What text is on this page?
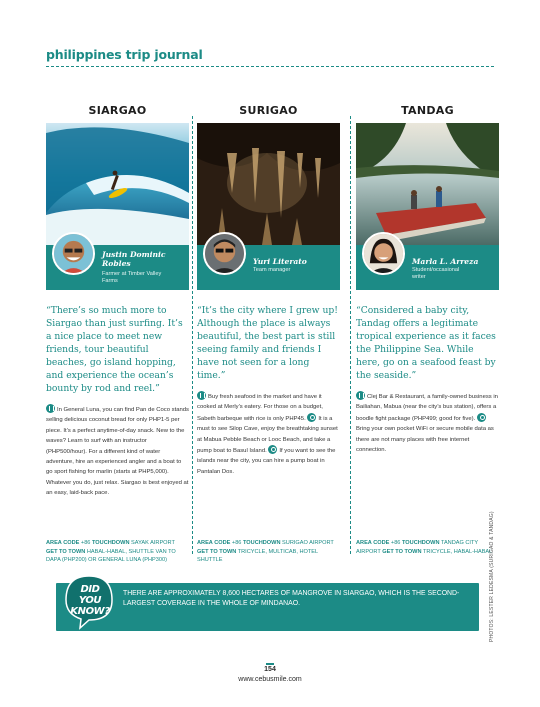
philippines trip journal
SIARGAO
Justin Dominic Robles
Farmer at Timber Valley Farms
“There’s so much more to Siargao than just surfing. It’s a nice place to meet new friends, tour beautiful beaches, go island hopping, and experience the ocean’s bounty by rod and reel.”
In General Luna, you can find Pan de Coco stands selling delicious coconut bread for only PHP1-5 per piece. It’s a perfect anytime-of-day snack. New to the waves? Learn to surf with an instructor (PHP500/hour). For a different kind of water adventure, hire an experienced angler and a boat to go sport fishing for marlin (starts at PHP5,000). Whatever you do, just relax. Siargao is best enjoyed at an easy, laid-back pace.
SURIGAO
Yuri Literato
Team manager
“It’s the city where I grew up! Although the place is always beautiful, the best part is still seeing family and friends I have not seen for a long time.”
Buy fresh seafood in the market and have it cooked at Merly’s eatery. For those on a budget, Sabeth barbeque with rice is only PHP45. It is a must to see Silop Cave, enjoy the breathtaking sunset at Mabua Pebble Beach or Looc Beach, and take a pump boat to Basul Island. If you want to see the islands near the city, you can hire a pump boat in Pantalan Dos.
TANDAG
Marla L. Arreza
Student/occasional writer
“Considered a baby city, Tandag offers a legitimate tropical experience as it faces the Philippine Sea. While here, go on a seafood feast by the seaside.”
Clej Bar & Restaurant, a family-owned business in Bailiahan, Mabua (near the city’s bus station), offers a boodle fight package (PHP499; good for five). Bring your own pocket WiFi or secure mobile data as there are not many places with free internet connection.
AREA CODE +86 TOUCHDOWN SAYAK AIRPORT GET TO TOWN HABAL-HABAL, SHUTTLE VAN TO DAPA (PHP200) OR GENERAL LUNA (PHP300)
AREA CODE +86 TOUCHDOWN SURIGAO AIRPORT GET TO TOWN TRICYCLE, MULTICAB, HOTEL SHUTTLE
AREA CODE +86 TOUCHDOWN TANDAG CITY AIRPORT GET TO TOWN TRICYCLE, HABAL-HABAL
PHOTOS: LESTER LEDESMA (SURIGAO & TANDAG)
DID YOU KNOW?
THERE ARE APPROXIMATELY 8,600 HECTARES OF MANGROVE IN SIARGAO, WHICH IS THE SECOND-LARGEST COVERAGE IN THE WHOLE OF MINDANAO.
154
www.cebusmile.com
